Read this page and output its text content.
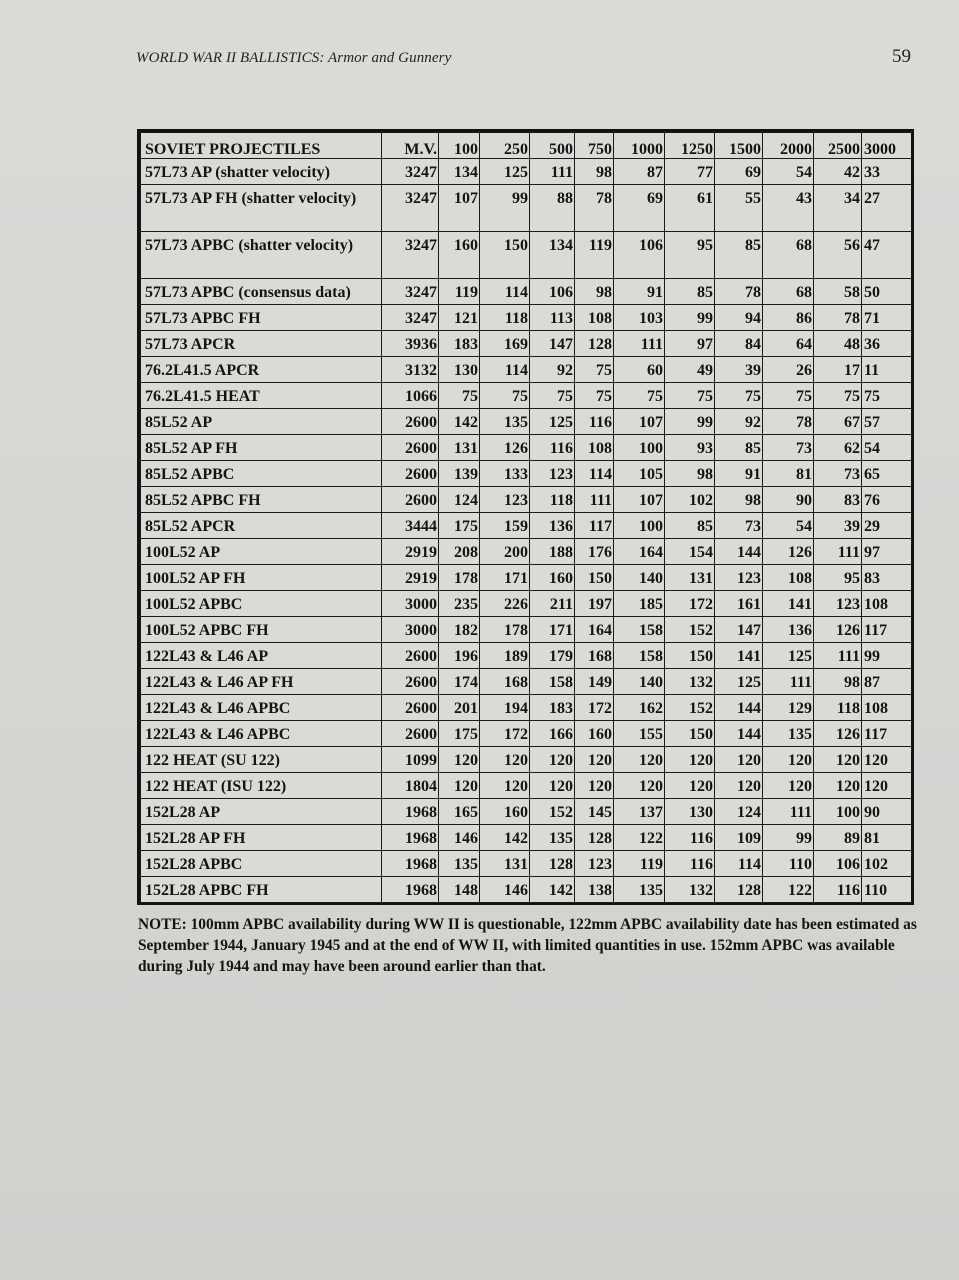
WORLD WAR II BALLISTICS: Armor and Gunnery	59
SOVIET PROJECTILES	M.V.	100	250	500	750	1000	1250	1500	2000	2500	3000
57L73 AP (shatter velocity)	3247	134	125	111	98	87	77	69	54	42	33
57L73 AP FH (shatter velocity)	3247	107	99	88	78	69	61	55	43	34	27
57L73 APBC (shatter velocity)	3247	160	150	134	119	106	95	85	68	56	47
57L73 APBC (consensus data)	3247	119	114	106	98	91	85	78	68	58	50
57L73 APBC FH	3247	121	118	113	108	103	99	94	86	78	71
57L73 APCR	3936	183	169	147	128	111	97	84	64	48	36
76.2L41.5 APCR	3132	130	114	92	75	60	49	39	26	17	11
76.2L41.5 HEAT	1066	75	75	75	75	75	75	75	75	75	75
85L52 AP	2600	142	135	125	116	107	99	92	78	67	57
85L52 AP FH	2600	131	126	116	108	100	93	85	73	62	54
85L52 APBC	2600	139	133	123	114	105	98	91	81	73	65
85L52 APBC FH	2600	124	123	118	111	107	102	98	90	83	76
85L52 APCR	3444	175	159	136	117	100	85	73	54	39	29
100L52 AP	2919	208	200	188	176	164	154	144	126	111	97
100L52 AP FH	2919	178	171	160	150	140	131	123	108	95	83
100L52 APBC	3000	235	226	211	197	185	172	161	141	123	108
100L52 APBC FH	3000	182	178	171	164	158	152	147	136	126	117
122L43 & L46 AP	2600	196	189	179	168	158	150	141	125	111	99
122L43 & L46 AP FH	2600	174	168	158	149	140	132	125	111	98	87
122L43 & L46 APBC	2600	201	194	183	172	162	152	144	129	118	108
122L43 & L46 APBC	2600	175	172	166	160	155	150	144	135	126	117
122 HEAT (SU 122)	1099	120	120	120	120	120	120	120	120	120	120
122 HEAT (ISU 122)	1804	120	120	120	120	120	120	120	120	120	120
152L28 AP	1968	165	160	152	145	137	130	124	111	100	90
152L28 AP FH	1968	146	142	135	128	122	116	109	99	89	81
152L28 APBC	1968	135	131	128	123	119	116	114	110	106	102
152L28 APBC FH	1968	148	146	142	138	135	132	128	122	116	110
NOTE: 100mm APBC availability during WW II is questionable, 122mm APBC availability date has been estimated as September 1944, January 1945 and at the end of WW II, with limited quantities in use. 152mm APBC was available during July 1944 and may have been around earlier than that.
